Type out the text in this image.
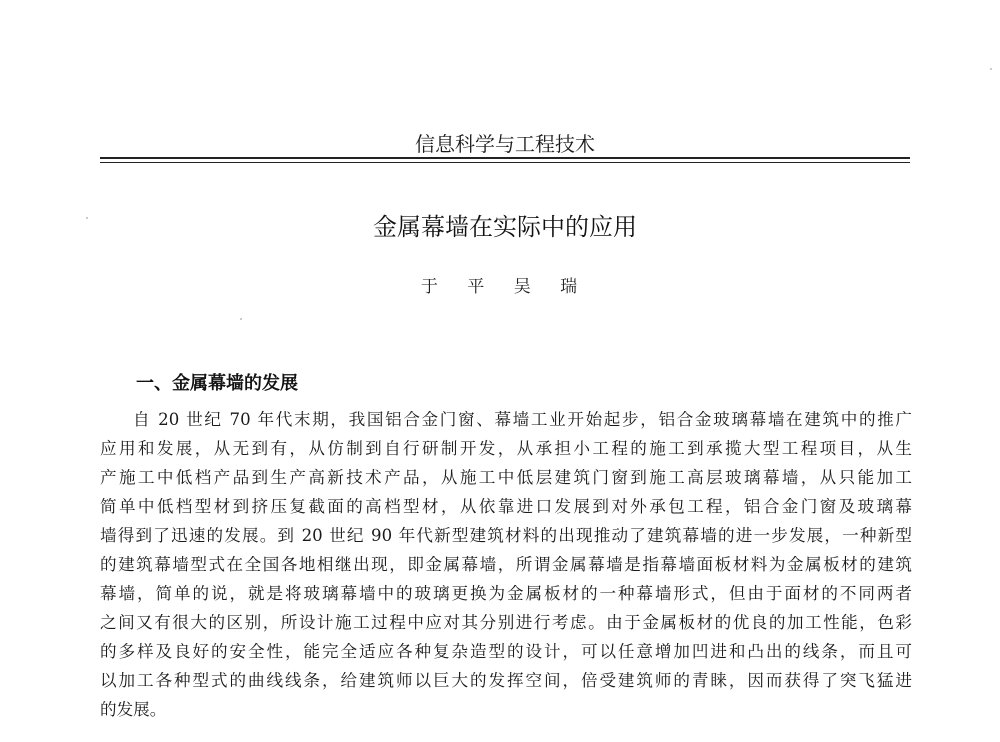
信息科学与工程技术
金属幕墙在实际中的应用
于 平 吴 瑞
一、金属幕墙的发展
自 20 世纪 70 年代末期，我国铝合金门窗、幕墙工业开始起步，铝合金玻璃幕墙在建筑中的推广
应用和发展，从无到有，从仿制到自行研制开发，从承担小工程的施工到承揽大型工程项目，从生
产施工中低档产品到生产高新技术产品，从施工中低层建筑门窗到施工高层玻璃幕墙，从只能加工
简单中低档型材到挤压复截面的高档型材，从依靠进口发展到对外承包工程，铝合金门窗及玻璃幕
墙得到了迅速的发展。到 20 世纪 90 年代新型建筑材料的出现推动了建筑幕墙的进一步发展，一种新型
的建筑幕墙型式在全国各地相继出现，即金属幕墙，所谓金属幕墙是指幕墙面板材料为金属板材的建筑
幕墙，简单的说，就是将玻璃幕墙中的玻璃更换为金属板材的一种幕墙形式，但由于面材的不同两者
之间又有很大的区别，所设计施工过程中应对其分别进行考虑。由于金属板材的优良的加工性能，色彩
的多样及良好的安全性，能完全适应各种复杂造型的设计，可以任意增加凹进和凸出的线条，而且可
以加工各种型式的曲线线条，给建筑师以巨大的发挥空间，倍受建筑师的青睐，因而获得了突飞猛进
的发展。
